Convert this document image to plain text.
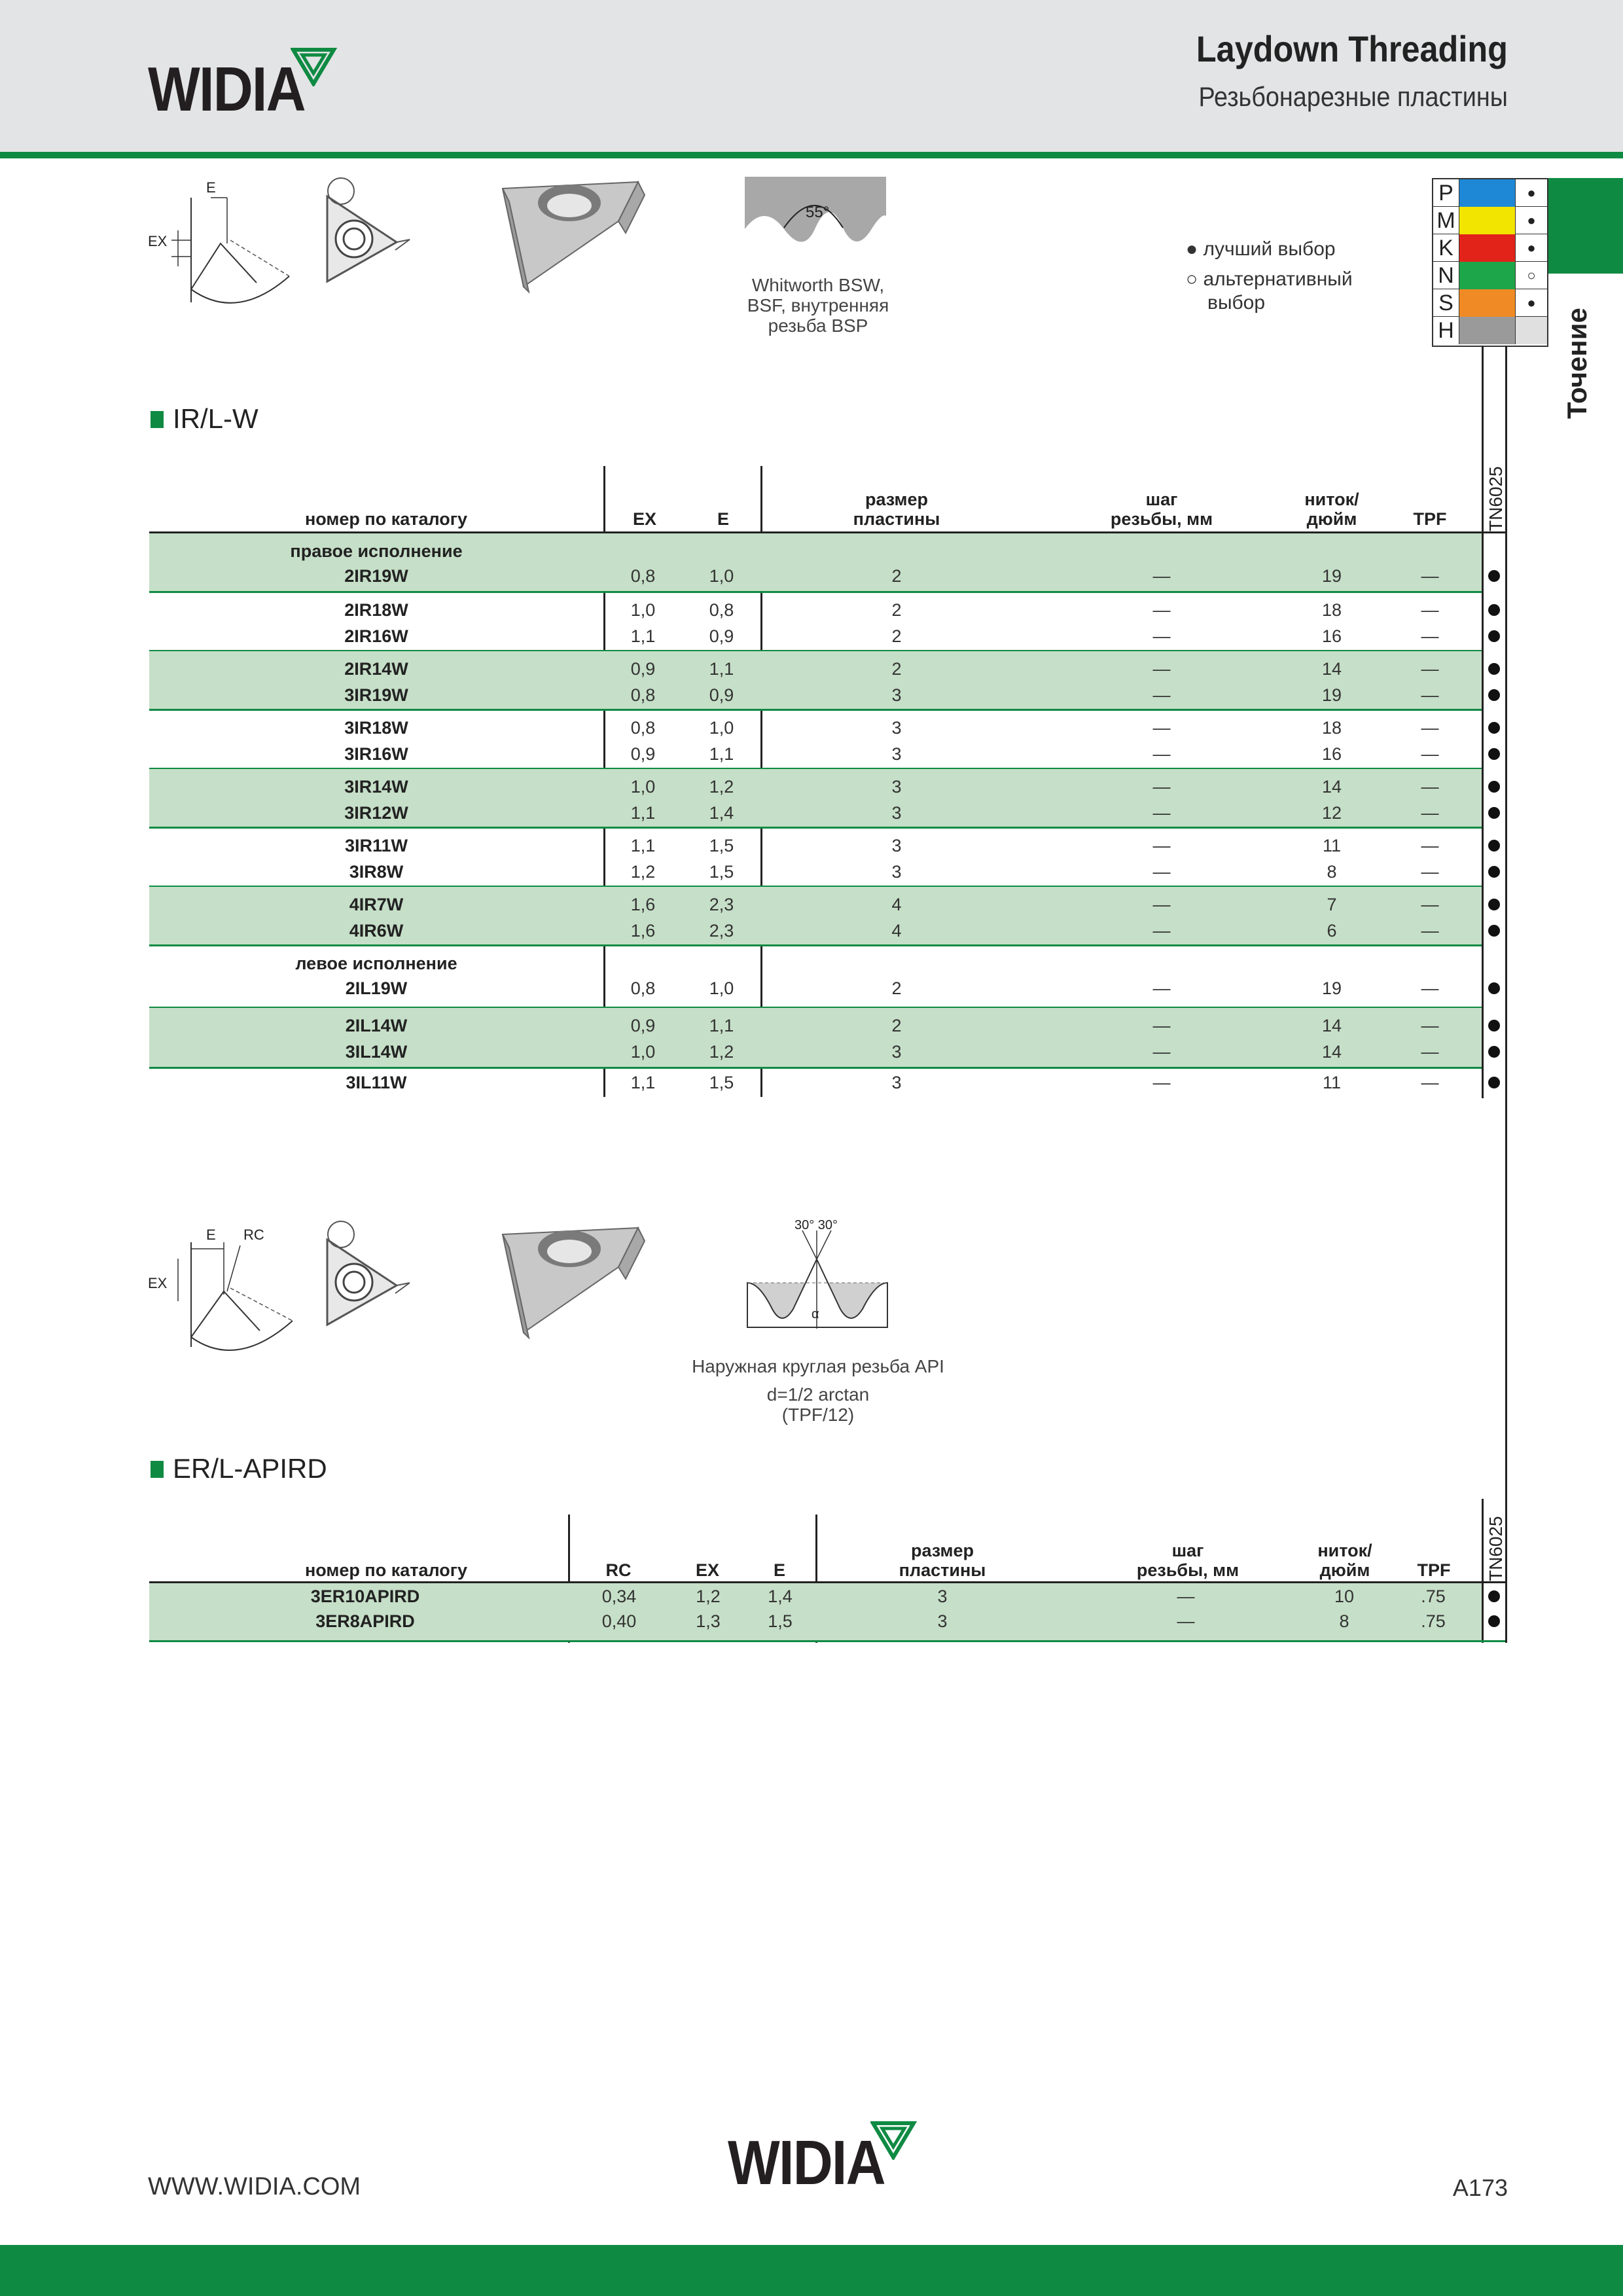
WIDIA
Laydown Threading
Резьбонарезные пластины
Точение
P	●
M	●
K	●
N	○
S	●
H
● лучший выбор
○ альтернативный
выбор
E
EX
55°
Whitworth BSW,
BSF, внутренняя
резьба BSP
IR/L-W
E RC
EX
30° 30°
α
Наружная круглая резьба API
d=1/2 arctan
(TPF/12)
ER/L-APIRD
WWW.WIDIA.COM	WIDIA	A173
номер по каталогу	EX	E
размер
пластины
шаг
резьбы, мм
ниток/
дюйм	TPF	TN6025
правое исполнение
2IR19W	0,8	1,0	2	—	19	—
2IR18W	1,0	0,8	2	—	18	—
2IR16W	1,1	0,9	2	—	16	—
2IR14W	0,9	1,1	2	—	14	—
3IR19W	0,8	0,9	3	—	19	—
3IR18W	0,8	1,0	3	—	18	—
3IR16W	0,9	1,1	3	—	16	—
3IR14W	1,0	1,2	3	—	14	—
3IR12W	1,1	1,4	3	—	12	—
3IR11W	1,1	1,5	3	—	11	—
3IR8W	1,2	1,5	3	—	8	—
4IR7W	1,6	2,3	4	—	7	—
4IR6W	1,6	2,3	4	—	6	—
левое исполнение
2IL19W	0,8	1,0	2	—	19	—
2IL14W	0,9	1,1	2	—	14	—
3IL14W	1,0	1,2	3	—	14	—
3IL11W	1,1	1,5	3	—	11	—
номер по каталогу	RC	EX	E
размер
пластины
шаг
резьбы, мм
ниток/
дюйм	TPF	TN6025
3ER10APIRD	0,34	1,2	1,4	3	—	10	.75
3ER8APIRD	0,40	1,3	1,5	3	—	8	.75
